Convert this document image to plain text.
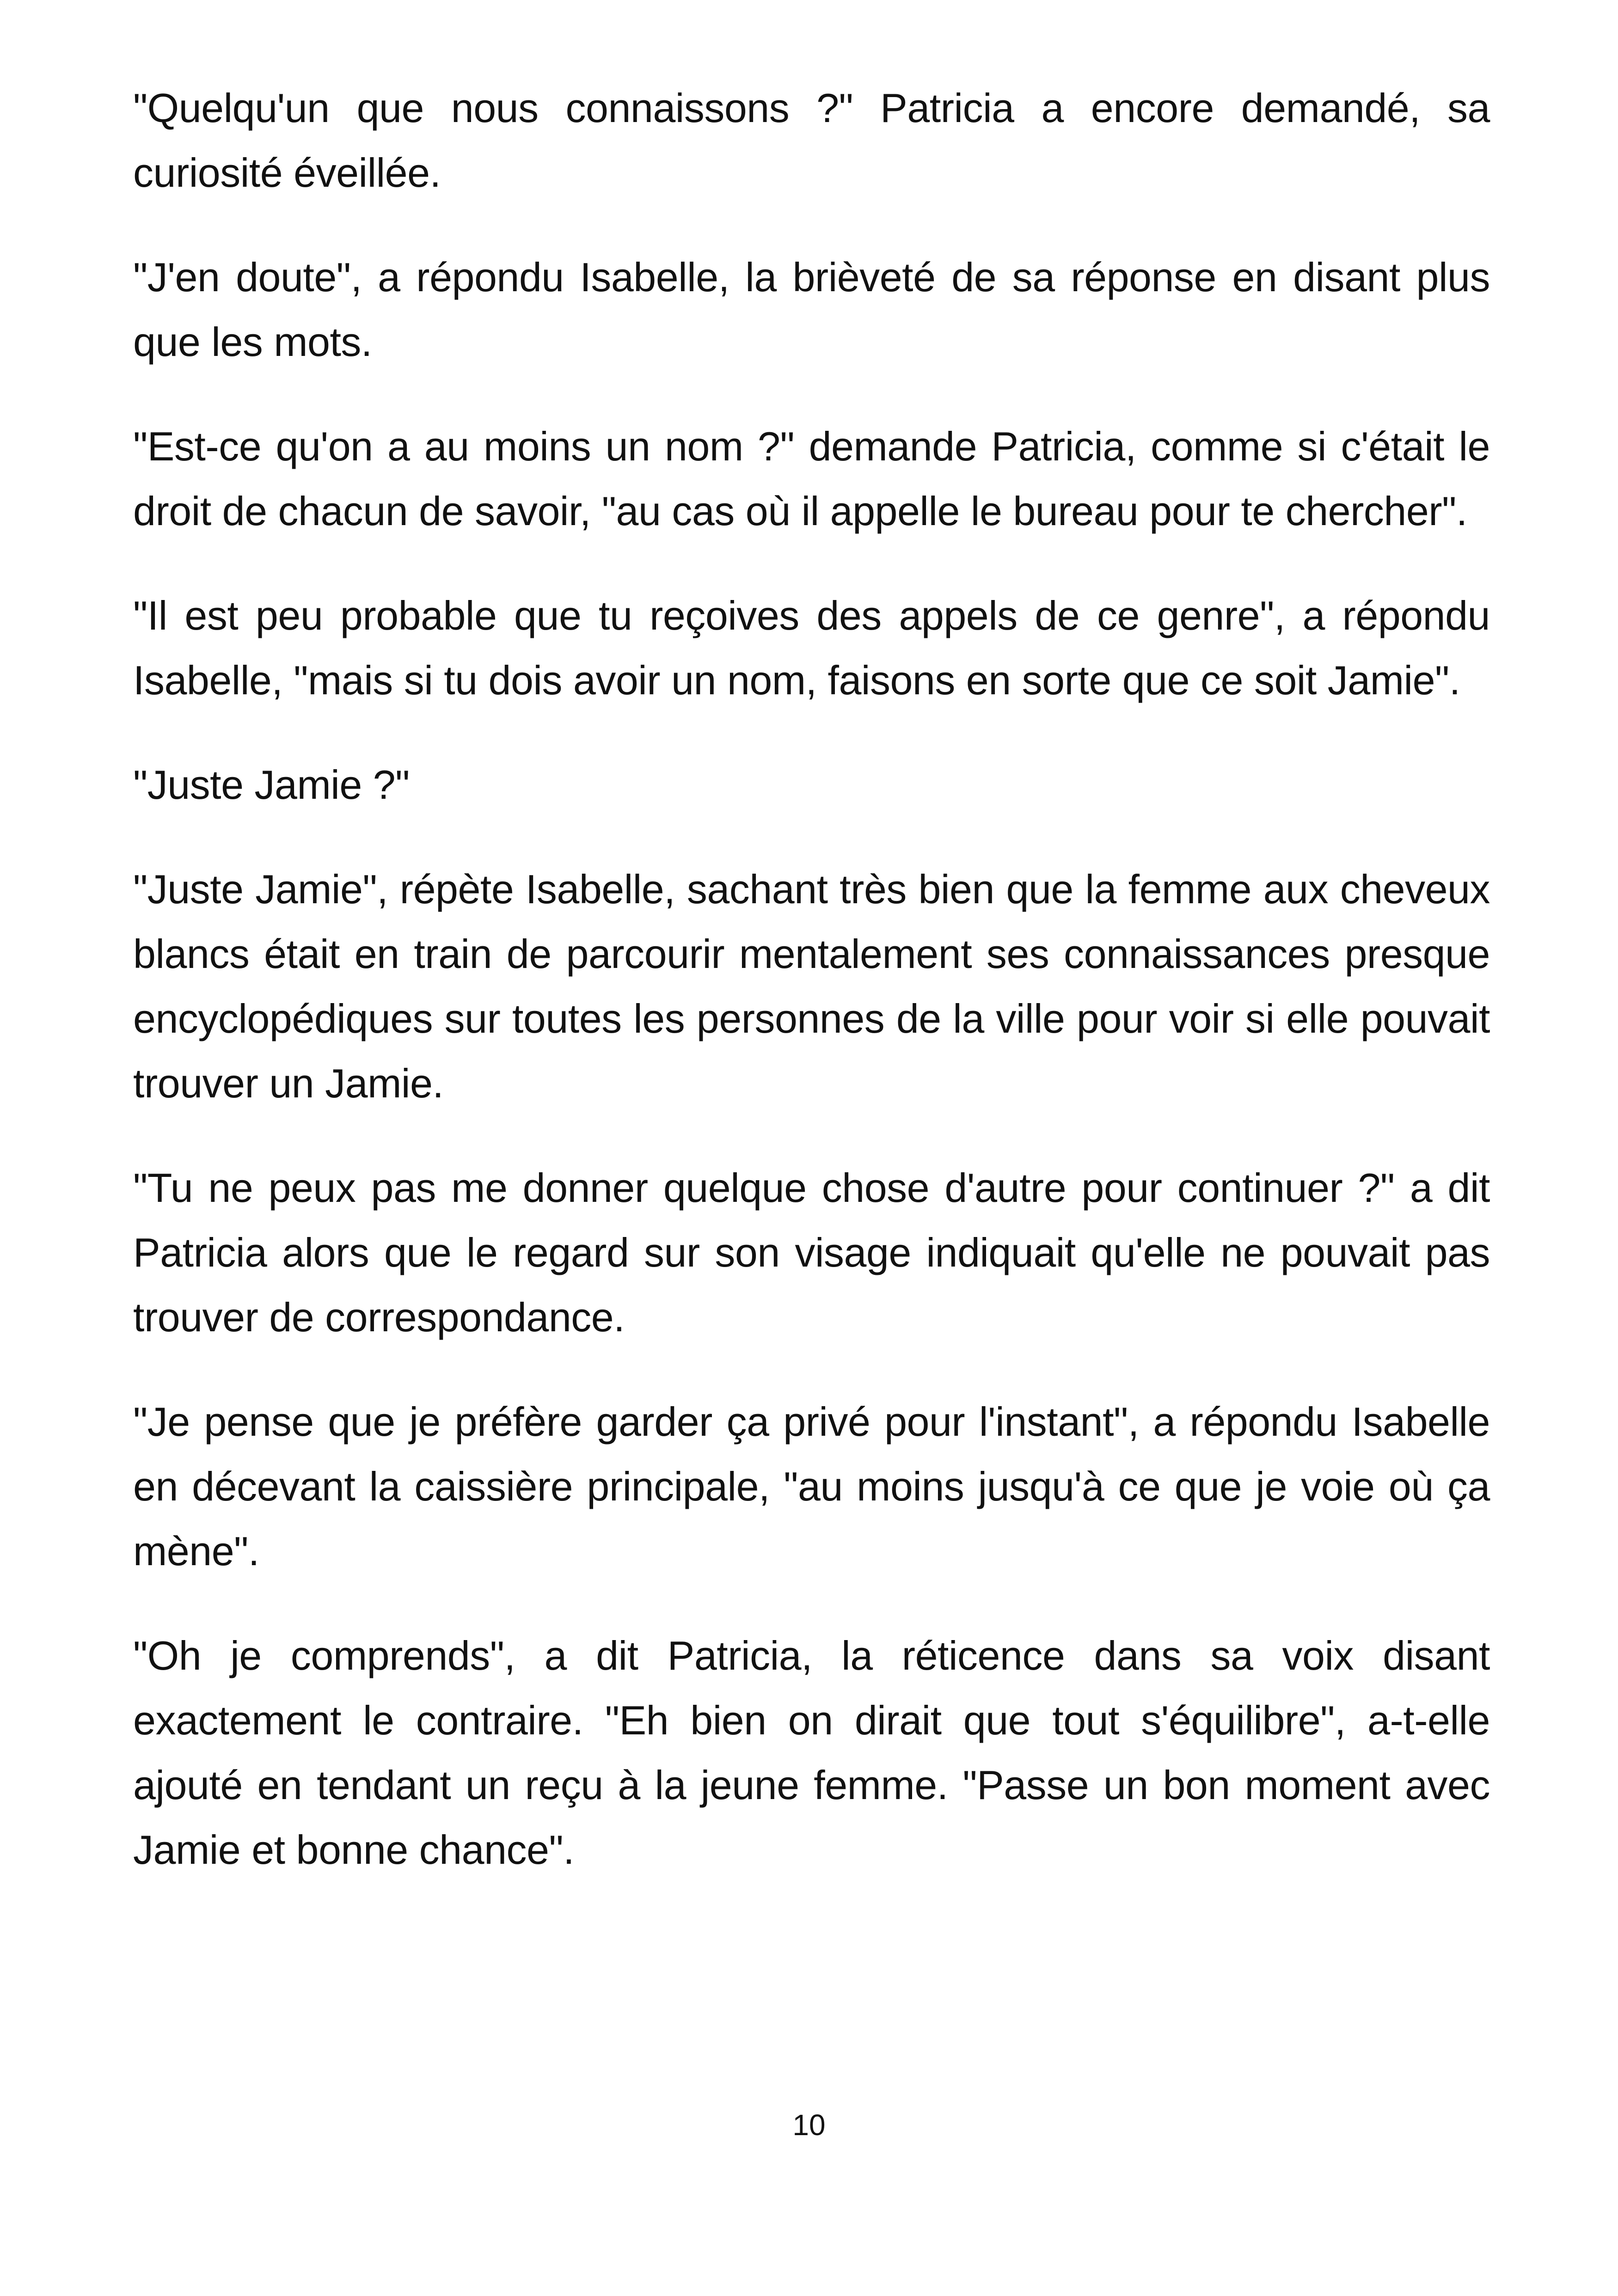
"Quelqu'un que nous connaissons ?" Patricia a encore demandé, sa curiosité éveillée.

"J'en doute", a répondu Isabelle, la brièveté de sa réponse en disant plus que les mots.

"Est-ce qu'on a au moins un nom ?" demande Patricia, comme si c'était le droit de chacun de savoir, "au cas où il appelle le bureau pour te chercher".

"Il est peu probable que tu reçoives des appels de ce genre", a répondu Isabelle, "mais si tu dois avoir un nom, faisons en sorte que ce soit Jamie".

"Juste Jamie ?"

"Juste Jamie", répète Isabelle, sachant très bien que la femme aux cheveux blancs était en train de parcourir mentalement ses connaissances presque encyclopédiques sur toutes les personnes de la ville pour voir si elle pouvait trouver un Jamie.

"Tu ne peux pas me donner quelque chose d'autre pour continuer ?" a dit Patricia alors que le regard sur son visage indiquait qu'elle ne pouvait pas trouver de correspondance.

"Je pense que je préfère garder ça privé pour l'instant", a répondu Isabelle en décevant la caissière principale, "au moins jusqu'à ce que je voie où ça mène".

"Oh je comprends", a dit Patricia, la réticence dans sa voix disant exactement le contraire. "Eh bien on dirait que tout s'équilibre", a-t-elle ajouté en tendant un reçu à la jeune femme. "Passe un bon moment avec Jamie et bonne chance".

10
